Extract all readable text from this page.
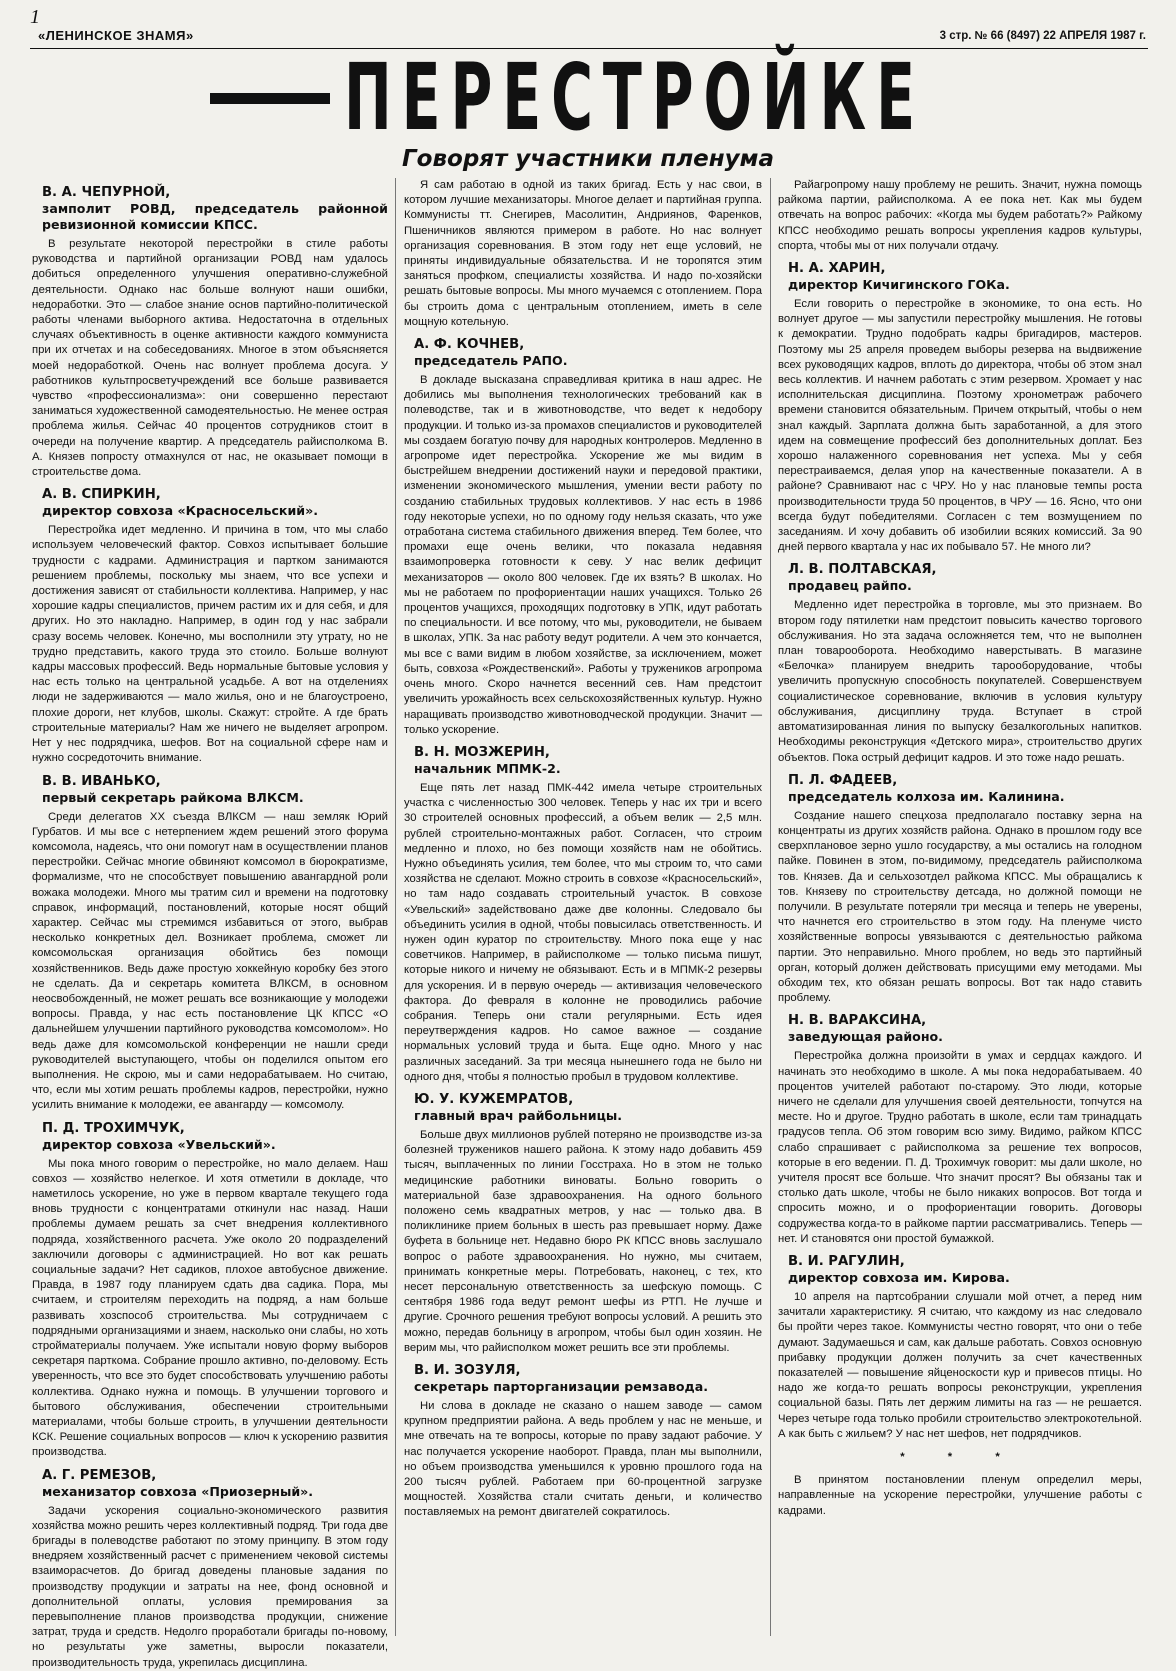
1
«ЛЕНИНСКОЕ ЗНАМЯ»	3 стр. № 66 (8497) 22 АПРЕЛЯ 1987 г.
ПЕРЕСТРОЙКЕ
Говорят участники пленума
В. А. ЧЕПУРНОЙ,
замполит РОВД, председатель районной ревизионной комиссии КПСС.

В результате некоторой перестройки в стиле работы руководства и партийной организации РОВД нам удалось добиться определенного улучшения оперативно-служебной деятельности. Однако нас больше волнуют наши ошибки, недоработки. Это — слабое знание основ партийно-политической работы членами выборного актива. Недостаточна в отдельных случаях объективность в оценке активности каждого коммуниста при их отчетах и на собеседованиях. Многое в этом объясняется моей недоработкой. Очень нас волнует проблема досуга. У работников культпросветучреждений все больше развивается чувство «профессионализма»: они совершенно перестают заниматься художественной самодеятельностью. Не менее острая проблема жилья. Сейчас 40 процентов сотрудников стоит в очереди на получение квартир. А председатель райисполкома В. А. Князев попросту отмахнулся от нас, не оказывает помощи в строительстве дома.

А. В. СПИРКИН,
директор совхоза «Красносельский».

Перестройка идет медленно. И причина в том, что мы слабо используем человеческий фактор. Совхоз испытывает большие трудности с кадрами. Администрация и партком занимаются решением проблемы, поскольку мы знаем, что все успехи и достижения зависят от стабильности коллектива. Например, у нас хорошие кадры специалистов, причем растим их и для себя, и для других. Но это накладно. Например, в один год у нас забрали сразу восемь человек. Конечно, мы восполнили эту утрату, но не трудно представить, какого труда это стоило. Больше волнуют кадры массовых профессий. Ведь нормальные бытовые условия у нас есть только на центральной усадьбе. А вот на отделениях люди не задерживаются — мало жилья, оно и не благоустроено, плохие дороги, нет клубов, школы. Скажут: стройте. А где брать строительные материалы? Нам же ничего не выделяет агропром. Нет у нес подрядчика, шефов. Вот на социальной сфере нам и нужно сосредоточить внимание.

В. В. ИВАНЬКО,
первый секретарь райкома ВЛКСМ.

Среди делегатов XX съезда ВЛКСМ — наш земляк Юрий Гурбатов. И мы все с нетерпением ждем решений этого форума комсомола, надеясь, что они помогут нам в осуществлении планов перестройки. Сейчас многие обвиняют комсомол в бюрократизме, формализме, что не способствует повышению авангардной роли вожака молодежи. Много мы тратим сил и времени на подготовку справок, информаций, постановлений, которые носят общий характер. Сейчас мы стремимся избавиться от этого, выбрав несколько конкретных дел. Возникает проблема, сможет ли комсомольская организация обойтись без помощи хозяйственников. Ведь даже простую хоккейную коробку без этого не сделать. Да и секретарь комитета ВЛКСМ, в основном неосвобожденный, не может решать все возникающие у молодежи вопросы. Правда, у нас есть постановление ЦК КПСС «О дальнейшем улучшении партийного руководства комсомолом». Но ведь даже для комсомольской конференции не нашли среди руководителей выступающего, чтобы он поделился опытом его выполнения. Не скрою, мы и сами недорабатываем. Но считаю, что, если мы хотим решать проблемы кадров, перестройки, нужно усилить внимание к молодежи, ее авангарду — комсомолу.

П. Д. ТРОХИМЧУК,
директор совхоза «Увельский».

Мы пока много говорим о перестройке, но мало делаем. Наш совхоз — хозяйство нелегкое. И хотя отметили в докладе, что наметилось ускорение, но уже в первом квартале текущего года вновь трудности с концентратами откинули нас назад. Наши проблемы думаем решать за счет внедрения коллективного подряда, хозяйственного расчета. Уже около 20 подразделений заключили договоры с администрацией. Но вот как решать социальные задачи? Нет садиков, плохое автобусное движение. Правда, в 1987 году планируем сдать два садика. Пора, мы считаем, и строителям переходить на подряд, а нам больше развивать хозспособ строительства. Мы сотрудничаем с подрядными организациями и знаем, насколько они слабы, но хоть стройматериалы получаем. Уже испытали новую форму выборов секретаря парткома. Собрание прошло активно, по-деловому. Есть уверенность, что все это будет способствовать улучшению работы коллектива. Однако нужна и помощь. В улучшении торгового и бытового обслуживания, обеспечении строительными материалами, чтобы больше строить, в улучшении деятельности КСК. Решение социальных вопросов — ключ к ускорению развития производства.

А. Г. РЕМЕЗОВ,
механизатор совхоза «Приозерный».

Задачи ускорения социально-экономического развития хозяйства можно решить через коллективный подряд. Три года две бригады в полеводстве работают по этому принципу. В этом году внедряем хозяйственный расчет с применением чековой системы взаиморасчетов. До бригад доведены плановые задания по производству продукции и затраты на нее, фонд основной и дополнительной оплаты, условия премирования за перевыполнение планов производства продукции, снижение затрат, труда и средств. Недолго проработали бригады по-новому, но результаты уже заметны, выросли показатели, производительность труда, укрепилась дисциплина.

Я сам работаю в одной из таких бригад. Есть у нас свои, в котором лучшие механизаторы. Многое делает и партийная группа. Коммунисты тт. Снегирев, Масолитин, Андриянов, Фаренков, Пшеничников являются примером в работе. Но нас волнует организация соревнования. В этом году нет еще условий, не приняты индивидуальные обязательства. И не торопятся этим заняться профком, специалисты хозяйства. И надо по-хозяйски решать бытовые вопросы. Мы много мучаемся с отоплением. Пора бы строить дома с центральным отоплением, иметь в селе мощную котельную.

А. Ф. КОЧНЕВ,
председатель РАПО.

В докладе высказана справедливая критика в наш адрес. Не добились мы выполнения технологических требований как в полеводстве, так и в животноводстве, что ведет к недобору продукции. И только из-за промахов специалистов и руководителей мы создаем богатую почву для народных контролеров. Медленно в агропроме идет перестройка. Ускорение же мы видим в быстрейшем внедрении достижений науки и передовой практики, изменении экономического мышления, умении вести работу по созданию стабильных трудовых коллективов. У нас есть в 1986 году некоторые успехи, но по одному году нельзя сказать, что уже отработана система стабильного движения вперед. Тем более, что промахи еще очень велики, что показала недавняя взаимопроверка готовности к севу. У нас велик дефицит механизаторов — около 800 человек. Где их взять? В школах. Но мы не работаем по профориентации наших учащихся. Только 26 процентов учащихся, проходящих подготовку в УПК, идут работать по специальности. И все потому, что мы, руководители, не бываем в школах, УПК. За нас работу ведут родители. А чем это кончается, мы все с вами видим в любом хозяйстве, за исключением, может быть, совхоза «Рождественский». Работы у тружеников агропрома очень много. Скоро начнется весенний сев. Нам предстоит увеличить урожайность всех сельскохозяйственных культур. Нужно наращивать производство животноводческой продукции. Значит — только ускорение.

В. Н. МОЗЖЕРИН,
начальник МПМК-2.

Еще пять лет назад ПМК-442 имела четыре строительных участка с численностью 300 человек. Теперь у нас их три и всего 30 строителей основных профессий, а объем велик — 2,5 млн. рублей строительно-монтажных работ. Согласен, что строим медленно и плохо, но без помощи хозяйств нам не обойтись. Нужно объединять усилия, тем более, что мы строим то, что сами хозяйства не сделают. Можно строить в совхозе «Красносельский», но там надо создавать строительный участок. В совхозе «Увельский» задействовано даже две колонны. Следовало бы объединить усилия в одной, чтобы повысилась ответственность. И нужен один куратор по строительству. Много пока еще у нас советчиков. Например, в райисполкоме — только письма пишут, которые никого и ничему не обязывают. Есть и в МПМК-2 резервы для ускорения. И в первую очередь — активизация человеческого фактора. До февраля в колонне не проводились рабочие собрания. Теперь они стали регулярными. Есть идея переутверждения кадров. Но самое важное — создание нормальных условий труда и быта. Еще одно. Много у нас различных заседаний. За три месяца нынешнего года не было ни одного дня, чтобы я полностью пробыл в трудовом коллективе.

Ю. У. КУЖЕМРАТОВ,
главный врач райбольницы.

Больше двух миллионов рублей потеряно не производстве из-за болезней тружеников нашего района. К этому надо добавить 459 тысяч, выплаченных по линии Госстраха. Но в этом не только медицинские работники виноваты. Больно говорить о материальной базе здравоохранения. На одного больного положено семь квадратных метров, у нас — только два. В поликлинике прием больных в шесть раз превышает норму. Даже буфета в больнице нет. Недавно бюро РК КПСС вновь заслушало вопрос о работе здравоохранения. Но нужно, мы считаем, принимать конкретные меры. Потребовать, наконец, с тех, кто несет персональную ответственность за шефскую помощь. С сентября 1986 года ведут ремонт шефы из РТП. Не лучше и другие. Срочного решения требуют вопросы условий. А решить это можно, передав больницу в агропром, чтобы был один хозяин. Не верим мы, что райисполком может решить все эти проблемы.

В. И. ЗОЗУЛЯ,
секретарь парторганизации ремзавода.

Ни слова в докладе не сказано о нашем заводе — самом крупном предприятии района. А ведь проблем у нас не меньше, и мне отвечать на те вопросы, которые по праву задают рабочие. У нас получается ускорение наоборот. Правда, план мы выполнили, но объем производства уменьшился к уровню прошлого года на 200 тысяч рублей. Работаем при 60-процентной загрузке мощностей. Хозяйства стали считать деньги, и количество поставляемых на ремонт двигателей сократилось.

Райагропрому нашу проблему не решить. Значит, нужна помощь райкома партии, райисполкома. А ее пока нет. Как мы будем отвечать на вопрос рабочих: «Когда мы будем работать?» Райкому КПСС необходимо решать вопросы укрепления кадров культуры, спорта, чтобы мы от них получали отдачу.

Н. А. ХАРИН,
директор Кичигинского ГОКа.

Если говорить о перестройке в экономике, то она есть. Но волнует другое — мы запустили перестройку мышления. Не готовы к демократии. Трудно подобрать кадры бригадиров, мастеров. Поэтому мы 25 апреля проведем выборы резерва на выдвижение всех руководящих кадров, вплоть до директора, чтобы об этом знал весь коллектив. И начнем работать с этим резервом. Хромает у нас исполнительская дисциплина. Поэтому хронометраж рабочего времени становится обязательным. Причем открытый, чтобы о нем знал каждый. Зарплата должна быть заработанной, а для этого идем на совмещение профессий без дополнительных доплат. Без хорошо налаженного соревнования нет успеха. Мы у себя перестраиваемся, делая упор на качественные показатели. А в районе? Сравнивают нас с ЧРУ. Но у нас плановые темпы роста производительности труда 50 процентов, в ЧРУ — 16. Ясно, что они всегда будут победителями. Согласен с тем возмущением по заседаниям. И хочу добавить об изобилии всяких комиссий. За 90 дней первого квартала у нас их побывало 57. Не много ли?

Л. В. ПОЛТАВСКАЯ,
продавец райпо.

Медленно идет перестройка в торговле, мы это признаем. Во втором году пятилетки нам предстоит повысить качество торгового обслуживания. Но эта задача осложняется тем, что не выполнен план товарооборота. Необходимо наверстывать. В магазине «Белочка» планируем внедрить тарооборудование, чтобы увеличить пропускную способность покупателей. Совершенствуем социалистическое соревнование, включив в условия культуру обслуживания, дисциплину труда. Вступает в строй автоматизированная линия по выпуску безалкогольных напитков. Необходимы реконструкция «Детского мира», строительство других объектов. Пока острый дефицит кадров. И это тоже надо решать.

П. Л. ФАДЕЕВ,
председатель колхоза им. Калинина.

Создание нашего спецхоза предполагало поставку зерна на концентраты из других хозяйств района. Однако в прошлом году все сверхплановое зерно ушло государству, а мы остались на голодном пайке. Повинен в этом, по-видимому, председатель райисполкома тов. Князев. Да и сельхозотдел райкома КПСС. Мы обращались к тов. Князеву по строительству детсада, но должной помощи не получили. В результате потеряли три месяца и теперь не уверены, что начнется его строительство в этом году. На пленуме чисто хозяйственные вопросы увязываются с деятельностью райкома партии. Это неправильно. Много проблем, но ведь это партийный орган, который должен действовать присущими ему методами. Мы обходим тех, кто обязан решать вопросы. Вот так надо ставить проблему.

Н. В. ВАРАКСИНА,
заведующая районо.

Перестройка должна произойти в умах и сердцах каждого. И начинать это необходимо в школе. А мы пока недорабатываем. 40 процентов учителей работают по-старому. Это люди, которые ничего не сделали для улучшения своей деятельности, топчутся на месте. Но и другое. Трудно работать в школе, если там тринадцать градусов тепла. Об этом говорим всю зиму. Видимо, райком КПСС слабо спрашивает с райисполкома за решение тех вопросов, которые в его ведении. П. Д. Трохимчук говорит: мы дали школе, но учителя просят все больше. Что значит просят? Вы обязаны так и столько дать школе, чтобы не было никаких вопросов. Вот тогда и спросить можно, и о профориентации говорить. Договоры содружества когда-то в райкоме партии рассматривались. Теперь — нет. И становятся они простой бумажкой.

В. И. РАГУЛИН,
директор совхоза им. Кирова.

10 апреля на партсобрании слушали мой отчет, а перед ним зачитали характеристику. Я считаю, что каждому из нас следовало бы пройти через такое. Коммунисты честно говорят, что они о тебе думают. Задумаешься и сам, как дальше работать. Совхоз основную прибавку продукции должен получить за счет качественных показателей — повышение яйценоскости кур и привесов птицы. Но надо же когда-то решать вопросы реконструкции, укрепления социальной базы. Пять лет держим лимиты на газ — не решается. Через четыре года только пробили строительство электрокотельной. А как быть с жильем? У нас нет шефов, нет подрядчиков.

* * *

В принятом постановлении пленум определил меры, направленные на ускорение перестройки, улучшение работы с кадрами.
